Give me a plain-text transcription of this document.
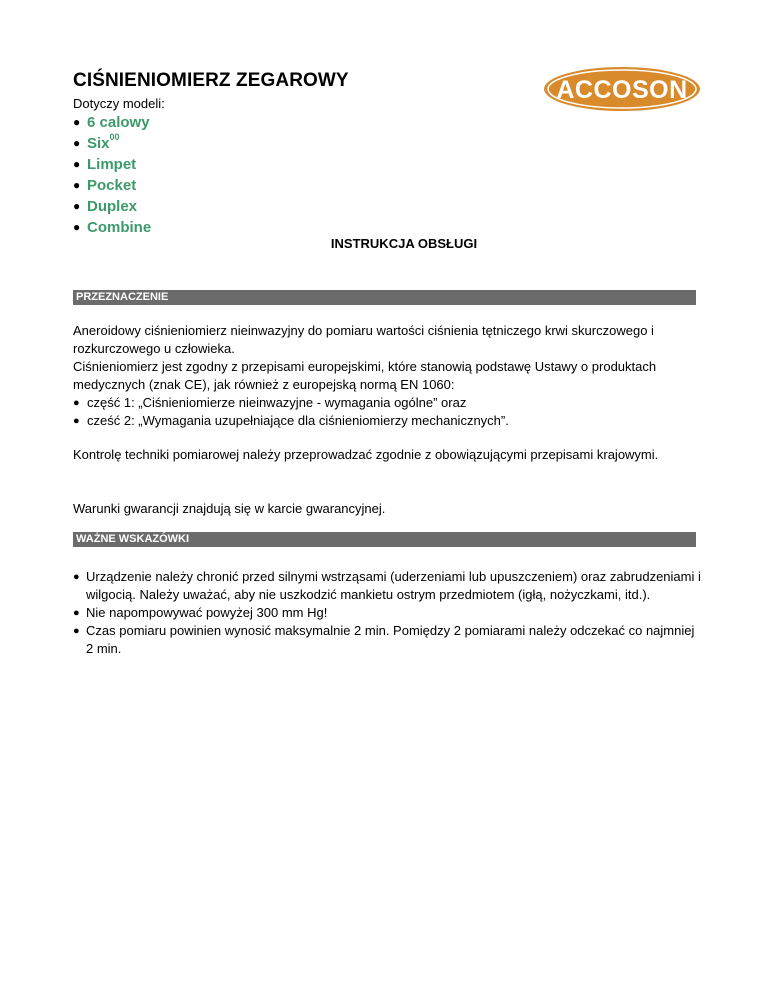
CIŚNIENIOMIERZ ZEGAROWY
Dotyczy modeli:	ACCOSON
● 6 calowy
● Six$^{00}$
● Limpet
● Pocket
● Duplex
● Combine
INSTRUKCJA OBSŁUGI
PRZEZNACZENIE

Aneroidowy ciśnieniomierz nieinwazyjny do pomiaru wartości ciśnienia tętniczego krwi skurczowego i rozkurczowego u człowieka.

Ciśnieniomierz jest zgodny z przepisami europejskimi, które stanowią podstawę Ustawy o produktach medycznych (znak CE), jak również z europejską normą EN 1060:

● część 1: „Ciśnieniomierze nieinwazyjne - wymagania ogólne” oraz
● cześć 2: „Wymagania uzupełniające dla ciśnieniomierzy mechanicznych”.

Kontrolę techniki pomiarowej należy przeprowadzać zgodnie z obowiązującymi przepisami krajowymi.

Warunki gwarancji znajdują się w karcie gwarancyjnej.

WAŻNE WSKAZÓWKI
● Urządzenie należy chronić przed silnymi wstrząsami (uderzeniami lub upuszczeniem) oraz zabrudzeniami i wilgocią. Należy uważać, aby nie uszkodzić mankietu ostrym przedmiotem (igłą, nożyczkami, itd.).
● Nie napompowywać powyżej 300 mm Hg!
● Czas pomiaru powinien wynosić maksymalnie 2 min. Pomiędzy 2 pomiarami należy odczekać co najmniej 2 min.
